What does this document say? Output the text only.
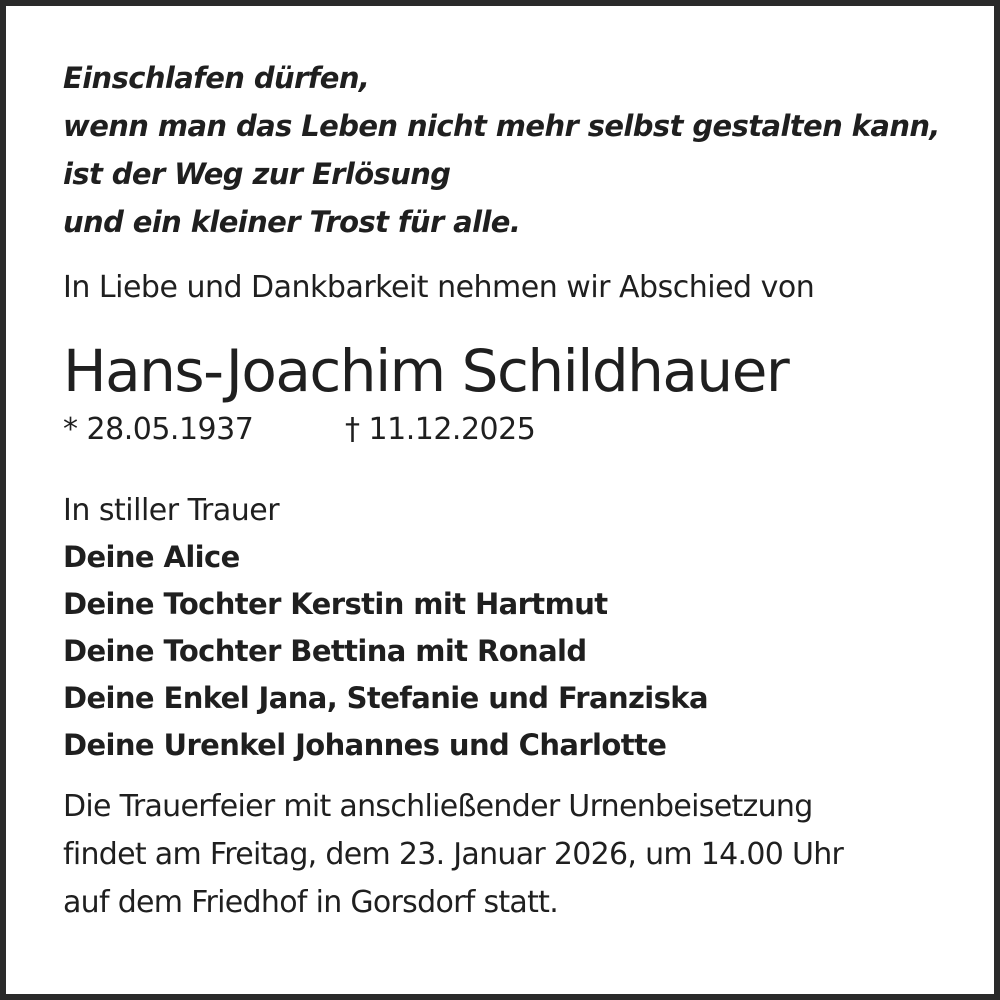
Einschlafen dürfen,
wenn man das Leben nicht mehr selbst gestalten kann,
ist der Weg zur Erlösung
und ein kleiner Trost für alle.
In Liebe und Dankbarkeit nehmen wir Abschied von
Hans-Joachim Schildhauer
* 28.05.1937	† 11.12.2025
In stiller Trauer
Deine Alice
Deine Tochter Kerstin mit Hartmut
Deine Tochter Bettina mit Ronald
Deine Enkel Jana, Stefanie und Franziska
Deine Urenkel Johannes und Charlotte
Die Trauerfeier mit anschließender Urnenbeisetzung
findet am Freitag, dem 23. Januar 2026, um 14.00 Uhr
auf dem Friedhof in Gorsdorf statt.
